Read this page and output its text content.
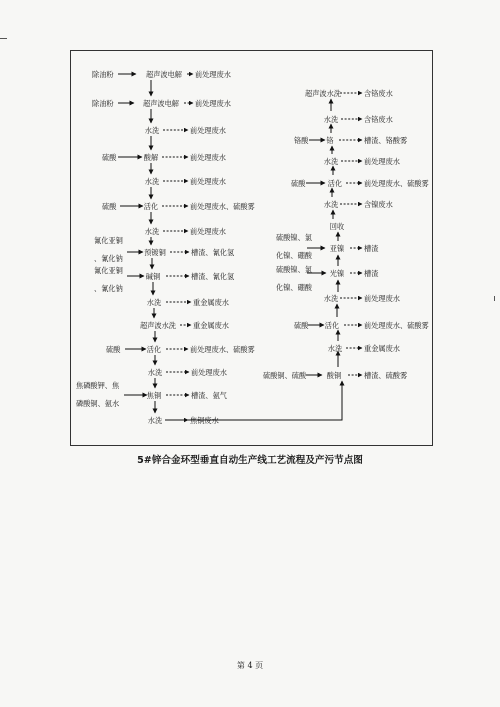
超声波电解
超声波电解
水洗
酸解
水洗
活化
水洗
预镀铜
碱铜
水洗
超声波水洗
活化
水洗
焦铜
水洗
除油粉
除油粉
硫酸
硫酸
氰化亚铜
、氰化钠
氰化亚铜
、氰化钠
硫酸
焦磷酸钾、焦
磷酸铜、氨水
前处理废水
前处理废水
前处理废水
前处理废水
前处理废水
前处理废水、硫酸雾
前处理废水
槽渣、氰化氢
槽渣、氰化氢
重金属废水
重金属废水
前处理废水、硫酸雾
前处理废水
槽渣、氨气
焦铜废水
超声波水洗
水洗
铬
水洗
活化
水洗
回收
亚镍
光镍
水洗
活化
水洗
酸铜
铬酸
硫酸
硫酸镍、氯
化镍、硼酸
硫酸镍、氯
化镍、硼酸
硫酸
硫酸铜、硫酸
含铬废水
含铬废水
槽渣、铬酸雾
前处理废水
前处理废水、硫酸雾
含镍废水
槽渣
槽渣
前处理废水
前处理废水、硫酸雾
重金属废水
槽渣、硫酸雾
5#锌合金环型垂直自动生产线工艺流程及产污节点图
第 4 页
